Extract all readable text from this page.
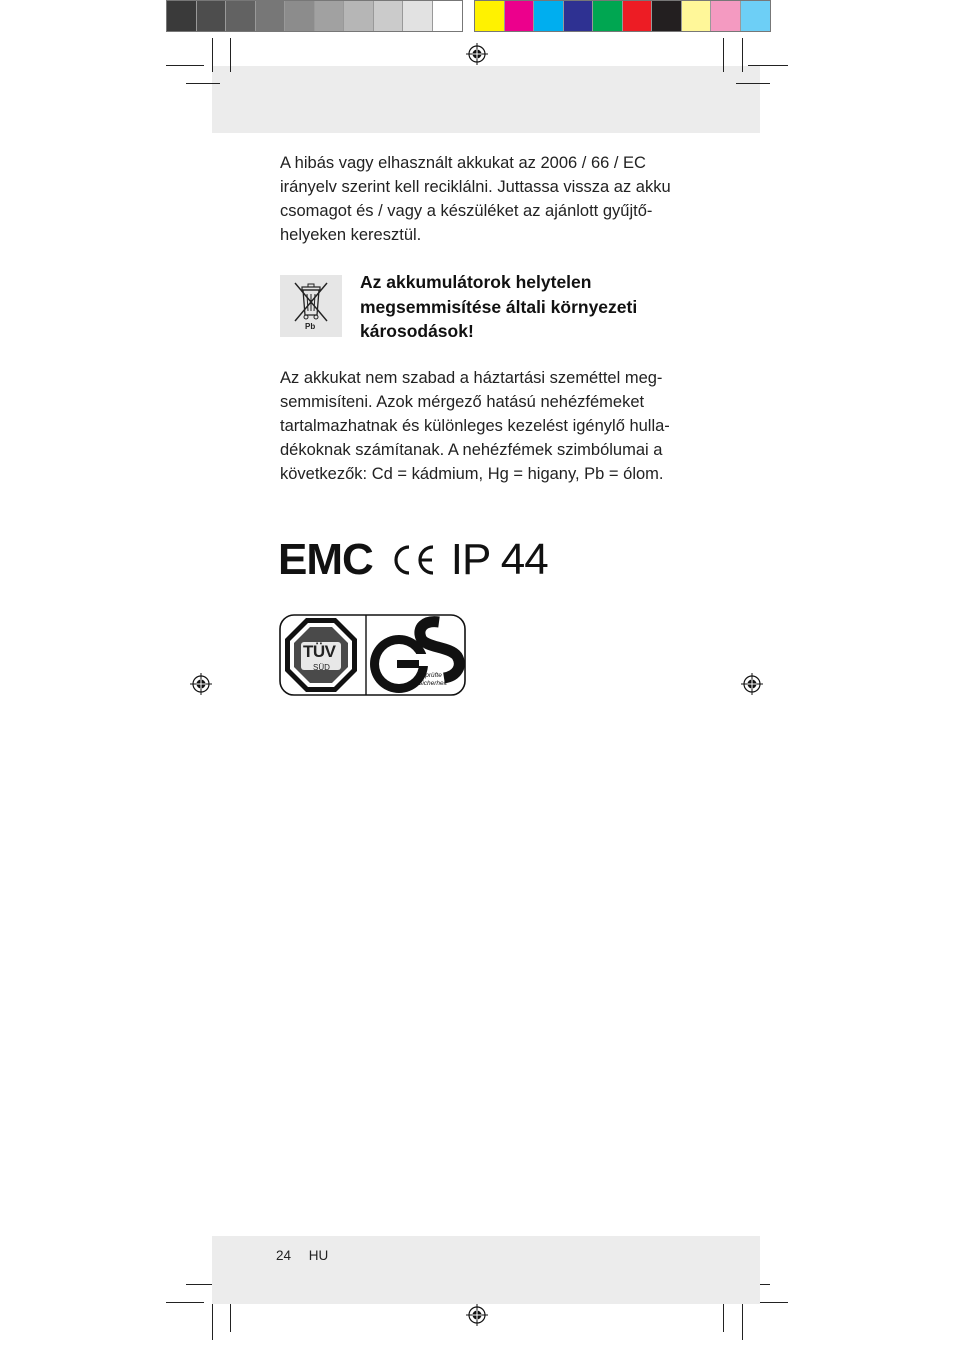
A hibás vagy elhasznált akkukat az 2006 / 66 / EC
irányelv szerint kell reciklálni. Juttassa vissza az akku
csomagot és / vagy a készüléket az ajánlott gyűjtő-
helyeken keresztül.
Pb
Az akkumulátorok helytelen
megsemmisítése általi környezeti
károsodások!
Az akkukat nem szabad a háztartási szeméttel meg-
semmisíteni. Azok mérgező hatású nehézfémeket
tartalmazhatnak és különleges kezelést igénylő hulla-
dékoknak számítanak. A nehézfémek szimbólumai a
következők: Cd = kádmium, Hg = higany, Pb = ólom.
EMC IP 44
TÜV
SÜD
geprüfte
Sicherheit
24 HU
